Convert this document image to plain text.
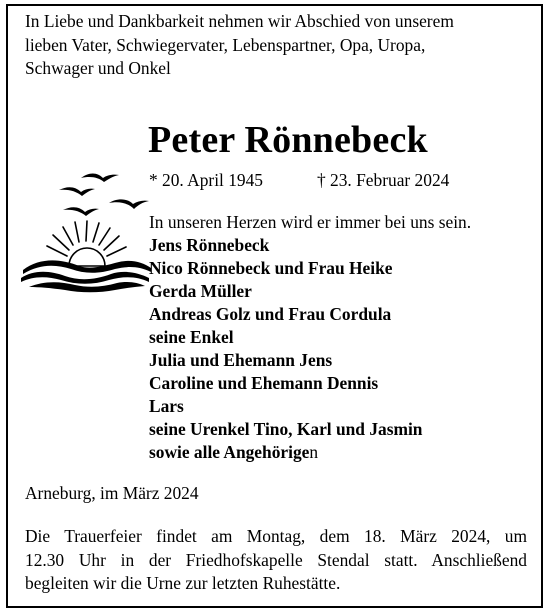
In Liebe und Dankbarkeit nehmen wir Abschied von unserem
lieben Vater, Schwiegervater, Lebenspartner, Opa, Uropa,
Schwager und Onkel
Peter Rönnebeck
* 20. April 1945	† 23. Februar 2024
In unseren Herzen wird er immer bei uns sein.
Jens Rönnebeck
Nico Rönnebeck und Frau Heike
Gerda Müller
Andreas Golz und Frau Cordula
seine Enkel
Julia und Ehemann Jens
Caroline und Ehemann Dennis
Lars
seine Urenkel Tino, Karl und Jasmin
sowie alle Angehörigen
Arneburg, im März 2024
Die Trauerfeier findet am Montag, dem 18. März 2024, um
12.30 Uhr in der Friedhofskapelle Stendal statt. Anschließend
begleiten wir die Urne zur letzten Ruhestätte.
